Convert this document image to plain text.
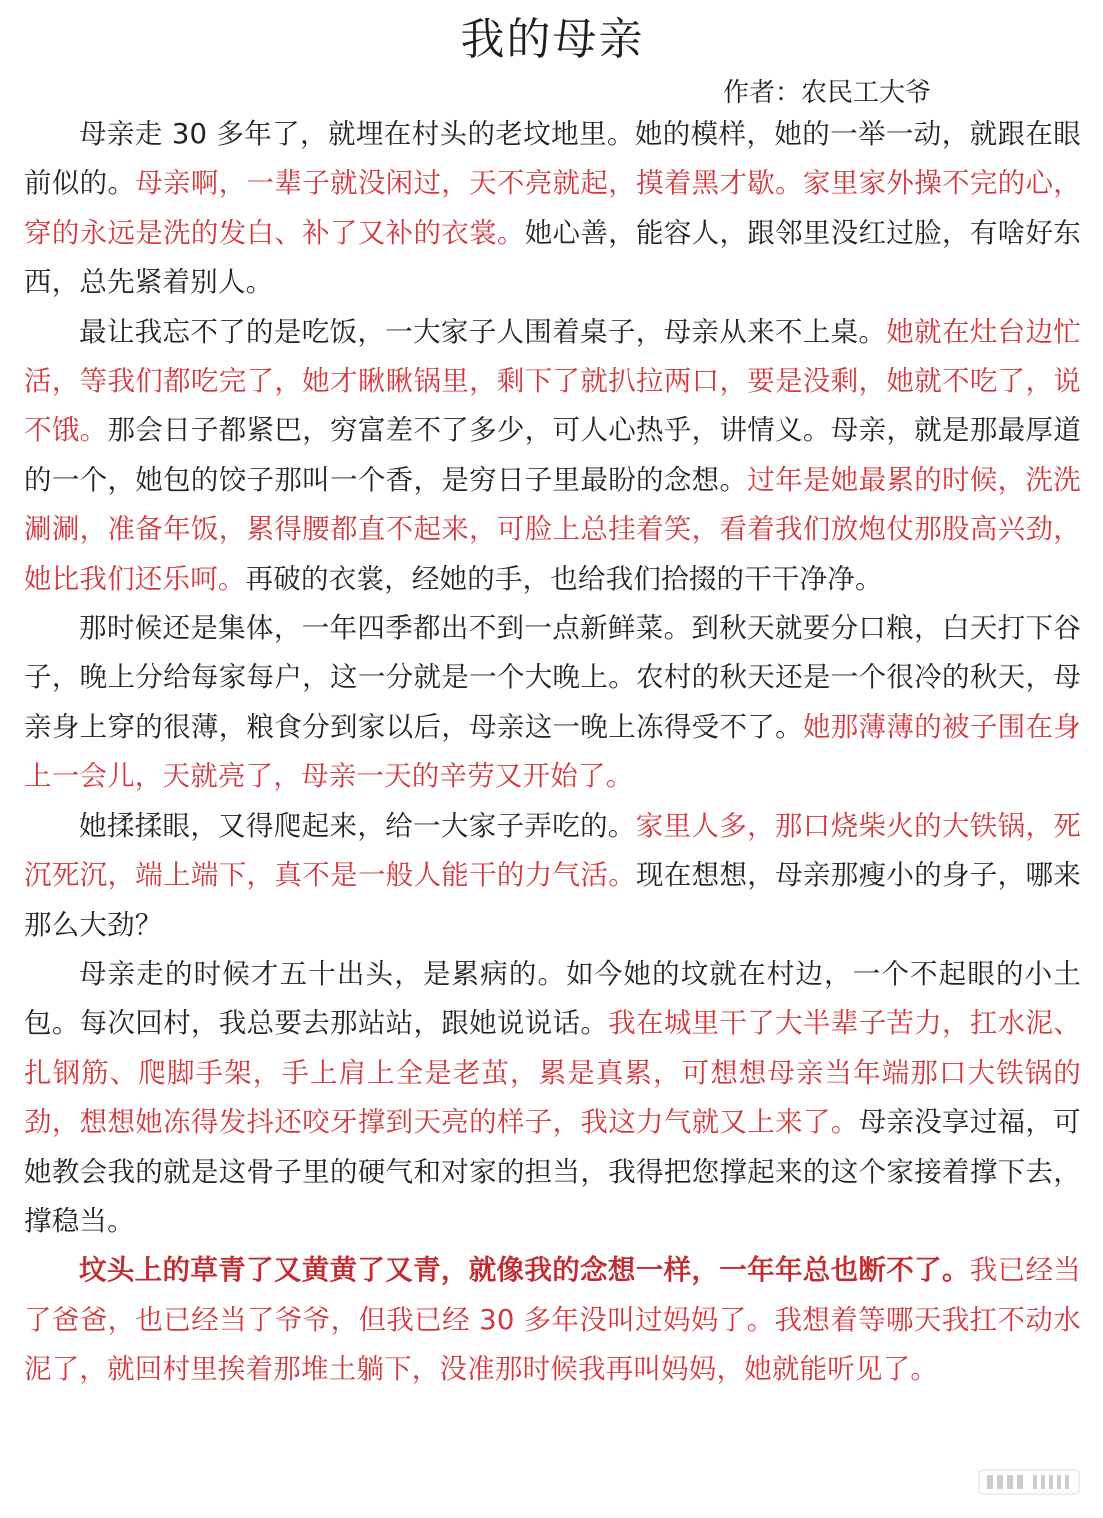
我的母亲
作者：农民工大爷

母亲走 30 多年了，就埋在村头的老坟地里。她的模样，她的一举一动，就跟在眼前似的。母亲啊，一辈子就没闲过，天不亮就起，摸着黑才歇。家里家外操不完的心，穿的永远是洗的发白、补了又补的衣裳。她心善，能容人，跟邻里没红过脸，有啥好东西，总先紧着别人。

最让我忘不了的是吃饭，一大家子人围着桌子，母亲从来不上桌。她就在灶台边忙活，等我们都吃完了，她才瞅瞅锅里，剩下了就扒拉两口，要是没剩，她就不吃了，说不饿。那会日子都紧巴，穷富差不了多少，可人心热乎，讲情义。母亲，就是那最厚道的一个，她包的饺子那叫一个香，是穷日子里最盼的念想。过年是她最累的时候，洗洗涮涮，准备年饭，累得腰都直不起来，可脸上总挂着笑，看着我们放炮仗那股高兴劲，她比我们还乐呵。再破的衣裳，经她的手，也给我们拾掇的干干净净。

那时候还是集体，一年四季都出不到一点新鲜菜。到秋天就要分口粮，白天打下谷子，晚上分给每家每户，这一分就是一个大晚上。农村的秋天还是一个很冷的秋天，母亲身上穿的很薄，粮食分到家以后，母亲这一晚上冻得受不了。她那薄薄的被子围在身上一会儿，天就亮了，母亲一天的辛劳又开始了。

她揉揉眼，又得爬起来，给一大家子弄吃的。家里人多，那口烧柴火的大铁锅，死沉死沉，端上端下，真不是一般人能干的力气活。现在想想，母亲那瘦小的身子，哪来那么大劲？

母亲走的时候才五十出头，是累病的。如今她的坟就在村边，一个不起眼的小土包。每次回村，我总要去那站站，跟她说说话。我在城里干了大半辈子苦力，扛水泥、扎钢筋、爬脚手架，手上肩上全是老茧，累是真累，可想想母亲当年端那口大铁锅的劲，想想她冻得发抖还咬牙撑到天亮的样子，我这力气就又上来了。母亲没享过福，可她教会我的就是这骨子里的硬气和对家的担当，我得把您撑起来的这个家接着撑下去，撑稳当。

坟头上的草青了又黄黄了又青，就像我的念想一样，一年年总也断不了。我已经当了爸爸，也已经当了爷爷，但我已经 30 多年没叫过妈妈了。我想着等哪天我扛不动水泥了，就回村里挨着那堆土躺下，没准那时候我再叫妈妈，她就能听见了。
